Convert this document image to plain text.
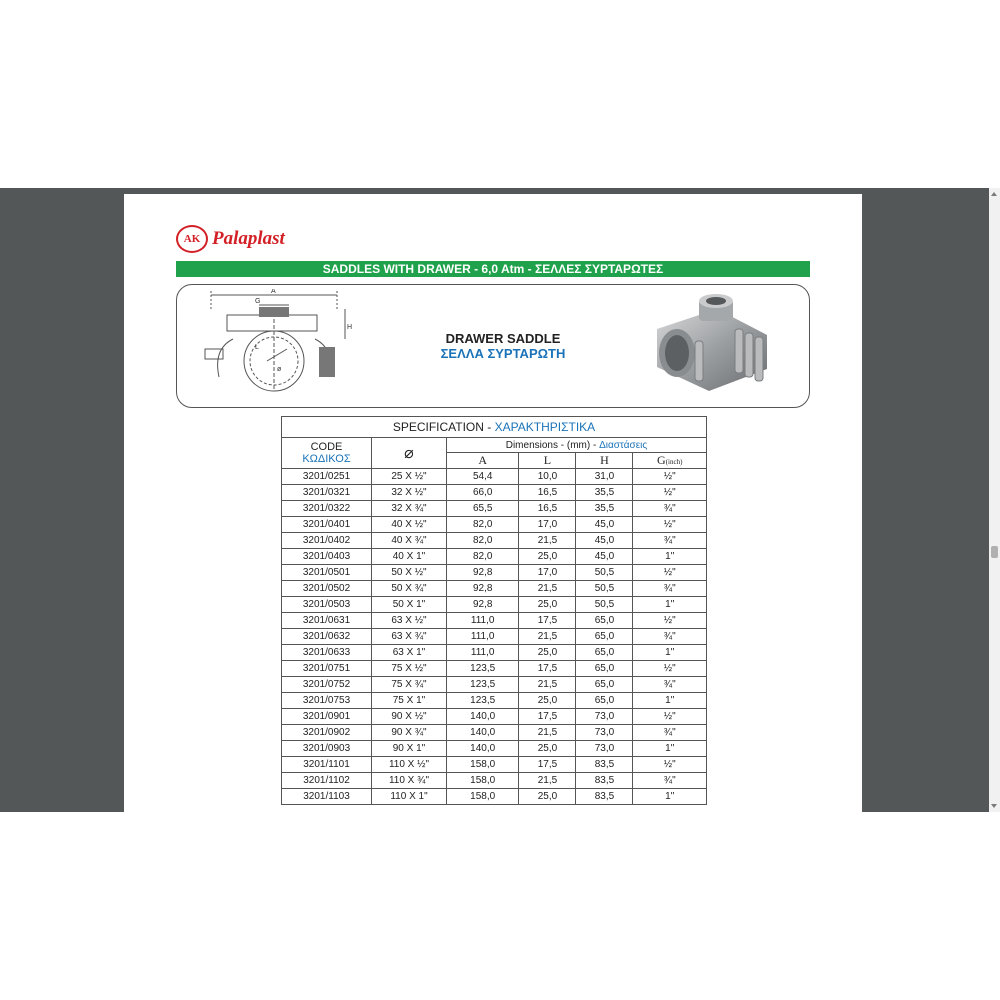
AK Palaplast
SADDLES WITH DRAWER - 6,0 Atm - ΣΕΛΛΕΣ ΣΥΡΤΑΡΩΤΕΣ
A
G
H
L
ø
DRAWER SADDLE
ΣΕΛΛΑ ΣΥΡΤΑΡΩΤΗ
SPECIFICATION - ΧΑΡΑΚΤΗΡΙΣΤΙΚΑ					

CODE
ΚΩΔΙΚΟΣ	⌀	Dimensions - (mm) - Διαστάσεις			
		A	L	H	G(inch)
3201/0251	25 X ½"	54,4	10,0	31,0	½"
3201/0321	32 X ½"	66,0	16,5	35,5	½"
3201/0322	32 X ¾"	65,5	16,5	35,5	¾"
3201/0401	40 X ½"	82,0	17,0	45,0	½"
3201/0402	40 X ¾"	82,0	21,5	45,0	¾"
3201/0403	40 X 1"	82,0	25,0	45,0	1"
3201/0501	50 X ½"	92,8	17,0	50,5	½"
3201/0502	50 X ¾"	92,8	21,5	50,5	¾"
3201/0503	50 X 1"	92,8	25,0	50,5	1"
3201/0631	63 X ½"	111,0	17,5	65,0	½"
3201/0632	63 X ¾"	111,0	21,5	65,0	¾"
3201/0633	63 X 1"	111,0	25,0	65,0	1"
3201/0751	75 X ½"	123,5	17,5	65,0	½"
3201/0752	75 X ¾"	123,5	21,5	65,0	¾"
3201/0753	75 X 1"	123,5	25,0	65,0	1"
3201/0901	90 X ½"	140,0	17,5	73,0	½"
3201/0902	90 X ¾"	140,0	21,5	73,0	¾"
3201/0903	90 X 1"	140,0	25,0	73,0	1"
3201/1101	110 X ½"	158,0	17,5	83,5	½"
3201/1102	110 X ¾"	158,0	21,5	83,5	¾"
3201/1103	110 X 1"	158,0	25,0	83,5	1"
